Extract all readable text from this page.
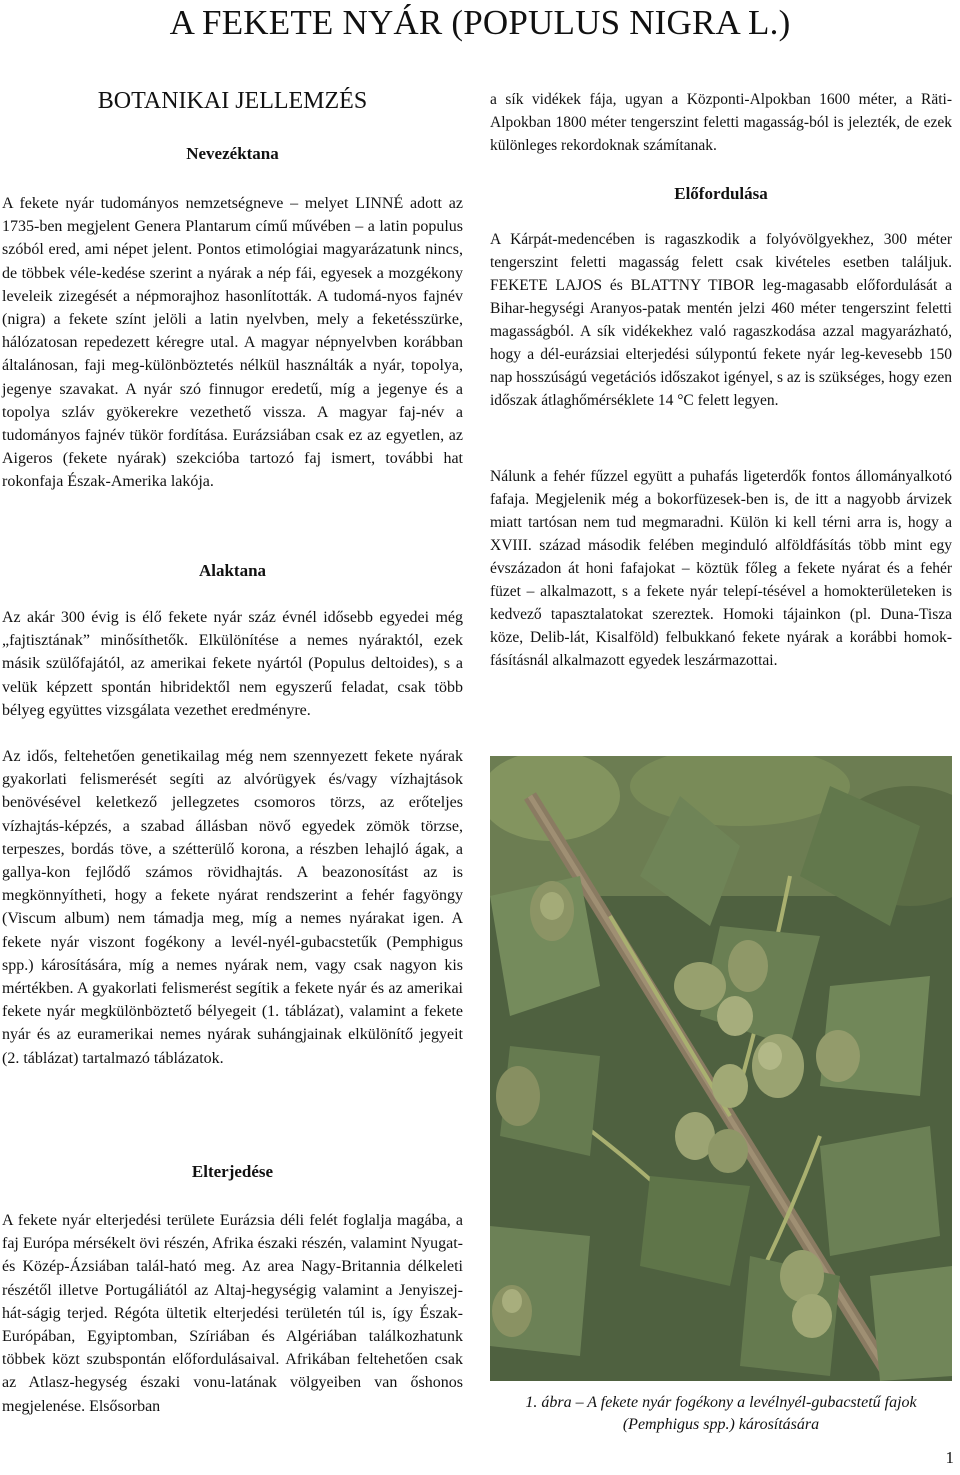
A FEKETE NYÁR (POPULUS NIGRA L.)
BOTANIKAI JELLEMZÉS
Nevezéktana

A fekete nyár tudományos nemzetségneve – melyet LINNÉ adott az 1735-ben megjelent Genera Plantarum című művében – a latin populus szóból ered, ami népet jelent. Pontos etimológiai magyarázatunk nincs, de többek véle-kedése szerint a nyárak a nép fái, egyesek a mozgékony leveleik zizegését a népmorajhoz hasonlították. A tudomá-nyos fajnév (nigra) a fekete színt jelöli a latin nyelvben, mely a feketésszürke, hálózatosan repedezett kéregre utal. A magyar népnyelvben korábban általánosan, faji meg-különböztetés nélkül használták a nyár, topolya, jegenye szavakat. A nyár szó finnugor eredetű, míg a jegenye és a topolya szláv gyökerekre vezethető vissza. A magyar faj-név a tudományos fajnév tükör fordítása. Eurázsiában csak ez az egyetlen, az Aigeros (fekete nyárak) szekcióba tartozó faj ismert, további hat rokonfaja Észak-Amerika lakója.

Alaktana

Az akár 300 évig is élő fekete nyár száz évnél idősebb egyedei még „fajtisztának” minősíthetők. Elkülönítése a nemes nyáraktól, ezek másik szülőfajától, az amerikai fekete nyártól (Populus deltoides), s a velük képzett spontán hibridektől nem egyszerű feladat, csak több bélyeg együttes vizsgálata vezethet eredményre.

Az idős, feltehetően genetikailag még nem szennyezett fekete nyárak gyakorlati felismerését segíti az alvórügyek és/vagy vízhajtások benövésével keletkező jellegzetes csomoros törzs, az erőteljes vízhajtás-képzés, a szabad állásban növő egyedek zömök törzse, terpeszes, bordás töve, a szétterülő korona, a részben lehajló ágak, a gallya-kon fejlődő számos rövidhajtás. A beazonosítást az is megkönnyítheti, hogy a fekete nyárat rendszerint a fehér fagyöngy (Viscum album) nem támadja meg, míg a nemes nyárakat igen. A fekete nyár viszont fogékony a levél-nyél-gubacstetűk (Pemphigus spp.) károsítására, míg a nemes nyárak nem, vagy csak nagyon kis mértékben. A gyakorlati felismerést segítik a fekete nyár és az amerikai fekete nyár megkülönböztető bélyegeit (1. táblázat), valamint a fekete nyár és az euramerikai nemes nyárak suhángjainak elkülönítő jegyeit (2. táblázat) tartalmazó táblázatok.

Elterjedése

A fekete nyár elterjedési területe Eurázsia déli felét foglalja magába, a faj Európa mérsékelt övi részén, Afrika északi részén, valamint Nyugat- és Közép-Ázsiában talál-ható meg. Az area Nagy-Britannia délkeleti részétől illetve Portugáliától az Altaj-hegységig valamint a Jenyiszej-hát-ságig terjed. Régóta ültetik elterjedési területén túl is, így Észak-Európában, Egyiptomban, Szíriában és Algériában találkozhatunk többek közt szubspontán előfordulásaival. Afrikában feltehetően csak az Atlasz-hegység északi vonu-latának völgyeiben van őshonos megjelenése. Elsősorban

a sík vidékek fája, ugyan a Központi-Alpokban 1600 méter, a Räti-Alpokban 1800 méter tengerszint feletti magasság-ból is jelezték, de ezek különleges rekordoknak számítanak.

Előfordulása

A Kárpát-medencében is ragaszkodik a folyóvölgyekhez, 300 méter tengerszint feletti magasság felett csak kivételes esetben találjuk. FEKETE LAJOS és BLATTNY TIBOR leg-magasabb előfordulását a Bihar-hegységi Aranyos-patak mentén jelzi 460 méter tengerszint feletti magasságból. A sík vidékekhez való ragaszkodása azzal magyarázható, hogy a dél-eurázsiai elterjedési súlypontú fekete nyár leg-kevesebb 150 nap hosszúságú vegetációs időszakot igényel, s az is szükséges, hogy ezen időszak átlaghőmérséklete 14 °C felett legyen.

Nálunk a fehér fűzzel együtt a puhafás ligeterdők fontos állományalkotó fafaja. Megjelenik még a bokorfüzesek-ben is, de itt a nagyobb árvizek miatt tartósan nem tud megmaradni. Külön ki kell térni arra is, hogy a XVIII. század második felében meginduló alföldfásítás több mint egy évszázadon át honi fafajokat – köztük főleg a fekete nyárat és a fehér füzet – alkalmazott, s a fekete nyár telepí-tésével a homokterületeken is kedvező tapasztalatokat szereztek. Homoki tájainkon (pl. Duna-Tisza köze, Delib-lát, Kisalföld) felbukkanó fekete nyárak a korábbi homok-fásításnál alkalmazott egyedek leszármazottai.

1. ábra – A fekete nyár fogékony a levélnyél-gubacstetű fajok (Pemphigus spp.) károsítására

1
